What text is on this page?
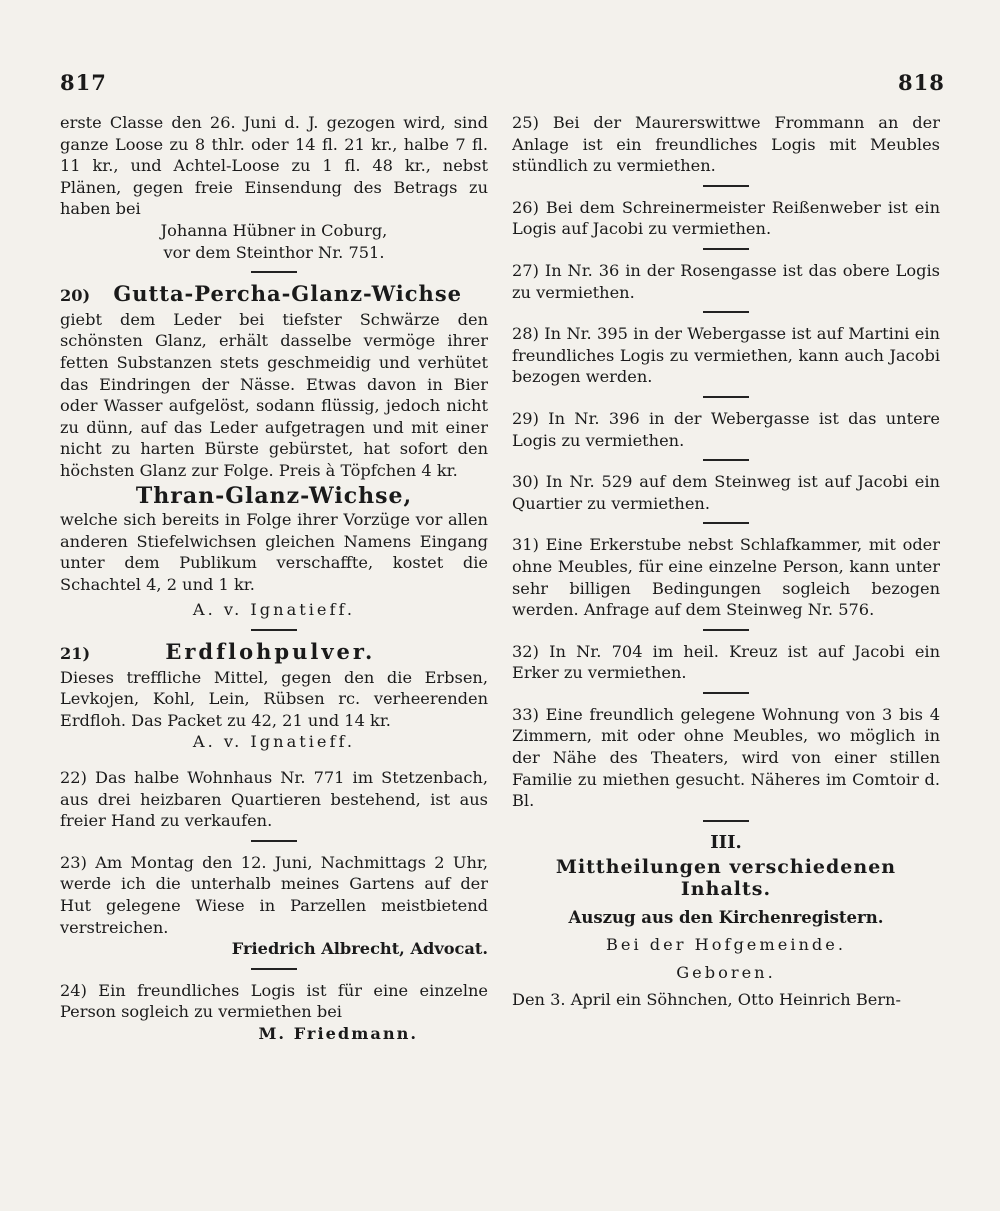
817	818

erste Classe den 26. Juni d. J. gezogen wird, sind ganze Loose zu 8 thlr. oder 14 fl. 21 kr., halbe 7 fl. 11 kr., und Achtel-Loose zu 1 fl. 48 kr., nebst Plänen, gegen freie Einsendung des Betrags zu haben bei

Johanna Hübner in Coburg,
vor dem Steinthor Nr. 751.
20) Gutta-Percha-Glanz-Wichse

giebt dem Leder bei tiefster Schwärze den schönsten Glanz, erhält dasselbe vermöge ihrer fetten Substanzen stets geschmeidig und verhütet das Eindringen der Nässe. Etwas davon in Bier oder Wasser aufgelöst, sodann flüssig, jedoch nicht zu dünn, auf das Leder aufgetragen und mit einer nicht zu harten Bürste gebürstet, hat sofort den höchsten Glanz zur Folge. Preis à Töpfchen 4 kr.

Thran-Glanz-Wichse,

welche sich bereits in Folge ihrer Vorzüge vor allen anderen Stiefelwichsen gleichen Namens Eingang unter dem Publikum verschaffte, kostet die Schachtel 4, 2 und 1 kr.

A. v. Ignatieff.
21)	Erdflohpulver.

Dieses treffliche Mittel, gegen den die Erbsen, Levkojen, Kohl, Lein, Rübsen rc. verheerenden Erdfloh. Das Packet zu 42, 21 und 14 kr.

A. v. Ignatieff.

22) Das halbe Wohnhaus Nr. 771 im Stetzenbach, aus drei heizbaren Quartieren bestehend, ist aus freier Hand zu verkaufen.

23) Am Montag den 12. Juni, Nachmittags 2 Uhr, werde ich die unterhalb meines Gartens auf der Hut gelegene Wiese in Parzellen meistbietend verstreichen.

Friedrich Albrecht, Advocat.

24) Ein freundliches Logis ist für eine einzelne Person sogleich zu vermiethen bei

M. Friedmann.

25) Bei der Maurerswittwe Frommann an der Anlage ist ein freundliches Logis mit Meubles stündlich zu vermiethen.

26) Bei dem Schreinermeister Reißenweber ist ein Logis auf Jacobi zu vermiethen.

27) In Nr. 36 in der Rosengasse ist das obere Logis zu vermiethen.

28) In Nr. 395 in der Webergasse ist auf Martini ein freundliches Logis zu vermiethen, kann auch Jacobi bezogen werden.

29) In Nr. 396 in der Webergasse ist das untere Logis zu vermiethen.

30) In Nr. 529 auf dem Steinweg ist auf Jacobi ein Quartier zu vermiethen.

31) Eine Erkerstube nebst Schlafkammer, mit oder ohne Meubles, für eine einzelne Person, kann unter sehr billigen Bedingungen sogleich bezogen werden. Anfrage auf dem Steinweg Nr. 576.

32) In Nr. 704 im heil. Kreuz ist auf Jacobi ein Erker zu vermiethen.

33) Eine freundlich gelegene Wohnung von 3 bis 4 Zimmern, mit oder ohne Meubles, wo möglich in der Nähe des Theaters, wird von einer stillen Familie zu miethen gesucht. Näheres im Comtoir d. Bl.

III.
Mittheilungen verschiedenen Inhalts.
Auszug aus den Kirchenregistern.
Bei der Hofgemeinde.
Geboren.
Den 3. April ein Söhnchen, Otto Heinrich Bern-
